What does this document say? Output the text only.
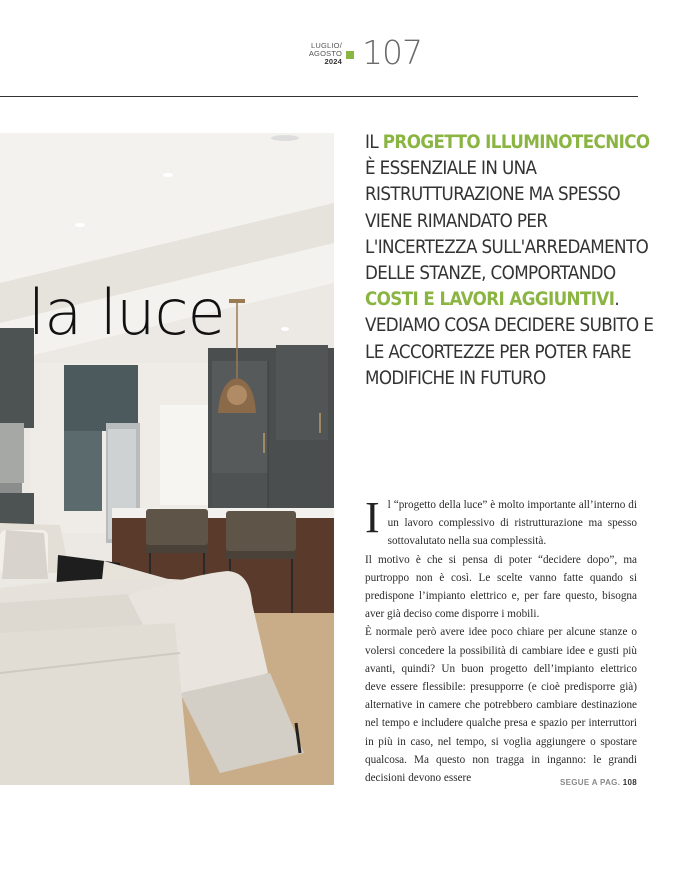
LUGLIO/
AGOSTO
2024 107
la luce
IL PROGETTO ILLUMINOTECNICO È ESSENZIALE IN UNA RISTRUTTURAZIONE MA SPESSO VIENE RIMANDATO PER L'INCERTEZZA SULL'ARREDAMENTO DELLE STANZE, COMPORTANDO COSTI E LAVORI AGGIUNTIVI. VEDIAMO COSA DECIDERE SUBITO E LE ACCORTEZZE PER POTER FARE MODIFICHE IN FUTURO

Il “progetto della luce” è molto importante all’interno di un lavoro complessivo di ristrutturazione ma spesso sottovalutato nella sua complessità.

Il motivo è che si pensa di poter “decidere dopo”, ma purtroppo non è così. Le scelte vanno fatte quando si predispone l’impianto elettrico e, per fare questo, bisogna aver già deciso come disporre i mobili.

È normale però avere idee poco chiare per alcune stanze o volersi concedere la possibilità di cambiare idee e gusti più avanti, quindi? Un buon progetto dell’impianto elettrico deve essere flessibile: presupporre (e cioè predisporre già) alternative in camere che potrebbero cambiare destinazione nel tempo e includere qualche presa e spazio per interruttori in più in caso, nel tempo, si voglia aggiungere o spostare qualcosa. Ma questo non tragga in inganno: le grandi decisioni devono essere	SEGUE A PAG. 108
